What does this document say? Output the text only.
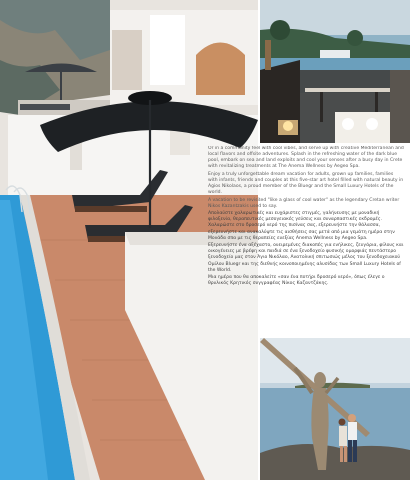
Or in a community feel with cool vibes, and serve up with creative Mediterranean and local flavors and offsite adventures. Splash in the refreshing water of the dark blue pool, embark on sea and land exploits and cool your senses after a busy day in Crete with revitalizing treatments at The Anema Wellness by Aegeo Spa.

Enjoy a truly unforgettable dream vacation for adults, grown up families, families with infants, friends and couples at this five-star art hotel filled with natural beauty in Agios Nikolaos, a proud member of the Bluegr and the Small Luxury Hotels of the world.

A vacation to be revisited "like a glass of cool water" as the legendary Cretan writer Nikos Kazantzakis used to say.

Απολαύστε χαλαρωτικές και ευχάριστες στιγμές, γαλήνευσης με μοναδική φιλοξενία, θεραπευτικές μεσογειακές γεύσεις και συναρπαστικές εκδρομές. Χαλαρώστε στο δροσερό νερό της πισίνας σας, εξερευνήστε την θάλασσα, εξερευνήστε και ανακαλύψτε τις αισθήσεις σας μετά από μια γεμάτη ημέρα στην Μονάδα σπα με τις θεραπείες ευεξίας Anema Wellness by Aegeo Spa.

Εξερευνήστε ένα αξέχαστο, ονειρεμένες διακοπές για ενήλικες, ζευγάρια, φίλους και οικογένειες με βρέφη και παιδιά σε ένα ξενοδοχείο φυσικής ομορφιάς πεντάστερο ξενοδοχείο μας στον Άγιο Νικόλαο, Ανατολική σπιτωσιώς μέλος του ξενοδοχειακού Ομίλου Bluegr και της διεθνής κοινοποιημένης αλυσίδας των Small Luxury Hotels of the World.

Μια ημέρα που θα αποκαλείτε «σαν ένα ποτήρι δροσερό νερό», όπως έλεγε ο θρυλικός Κρητικός συγγραφέας Νίκος Καζαντζάκης.
